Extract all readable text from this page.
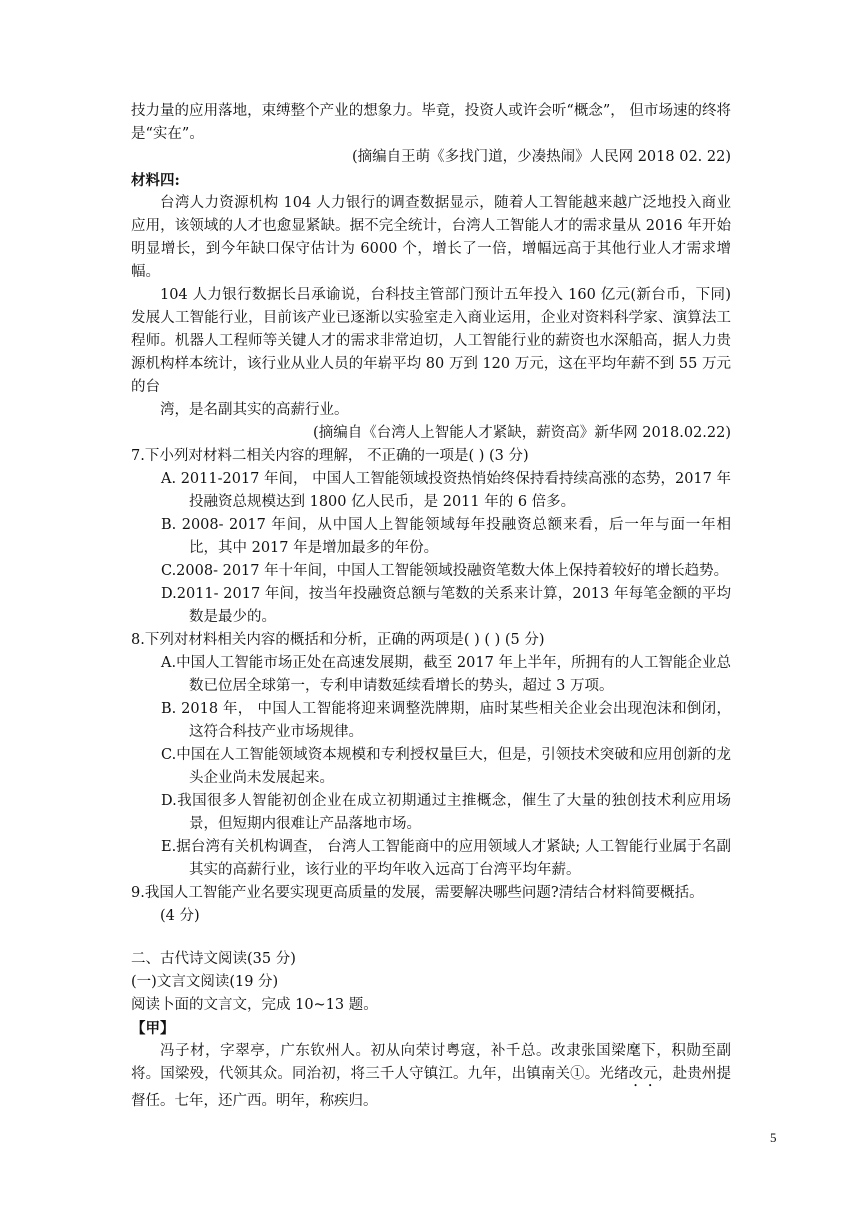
技力量的应用落地，束缚整个产业的想象力。毕竟，投资人或许会听“概念”， 但市场速的终将是“实在”。

(摘编自王萌《多找门道，少凑热闹》人民网 2018 02. 22)

材料四:

台湾人力资源机构 104 人力银行的调查数据显示，随着人工智能越来越广泛地投入商业应用，该领域的人才也愈显紧缺。据不完全统计，台湾人工智能人才的需求量从 2016 年开始明显增长，到今年缺口保守估计为 6000 个，增长了一倍，增幅远高于其他行业人才需求增幅。

104 人力银行数据长吕承谕说，台科技主管部门预计五年投入 160 亿元(新台币，下同)发展人工智能行业，目前该产业已逐渐以实验室走入商业运用，企业对资料科学家、演算法工程师。机器人工程师等关键人才的需求非常迫切，人工智能行业的薪资也水深船高，据人力贵源机构样本统计，该行业从业人员的年崭平均 80 万到 120 万元，这在平均年薪不到 55 万元的台

湾，是名副其实的高薪行业。

(摘编自《台湾人上智能人才紧缺，薪资高》新华网 2018.02.22)

7.下小列对材料二相关内容的理解， 不正确的一项是( ) (3 分)

A. 2011-2017 年间， 中国人工智能领域投资热悄始终保持看持续高涨的态势，2017 年投融资总规模达到 1800 亿人民币，是 2011 年的 6 倍多。

B. 2008- 2017 年间，从中国人上智能领域每年投融资总额来看，后一年与面一年相比，其中 2017 年是增加最多的年份。

C.2008- 2017 年十年间，中国人工智能领域投融资笔数大体上保持着较好的增长趋势。

D.2011- 2017 年间，按当年投融资总额与笔数的关系来计算，2013 年每笔金额的平均数是最少的。

8.下列对材料相关内容的概括和分析，正确的两项是( ) ( ) (5 分)

A.中国人工智能市场正处在高速发展期，截至 2017 年上半年，所拥有的人工智能企业总数已位居全球第一，专利申请数延续看增长的势头，超过 3 万项。

B. 2018 年， 中国人工智能将迎来调整洗牌期，庙时某些相关企业会出现泡沫和倒闭，这符合科技产业市场规律。

C.中国在人工智能领域资本规模和专利授权量巨大，但是，引领技术突破和应用创新的龙头企业尚未发展起来。

D.我国很多人智能初创企业在成立初期通过主推概念，催生了大量的独创技术利应用场景，但短期内很难让产品落地市场。

E.据台湾有关机构调查， 台湾人工智能商中的应用领域人才紧缺; 人工智能行业属于名副其实的高薪行业，该行业的平均年收入远高丁台湾平均年薪。

9.我国人工智能产业名要实现更高质量的发展，需要解决哪些问题?清结合材料简要概括。

(4 分)

二、古代诗文阅读(35 分)

(一)文言文阅读(19 分)

阅读卜面的文言文，完成 10~13 题。

【甲】

冯子材，字翠亭，广东钦州人。初从向荣讨粤寇，补千总。改隶张国梁麾下，积勋至副将。国梁殁，代领其众。同治初，将三千人守镇江。九年，出镇南关①。光绪改元，赴贵州提督任。七年，还广西。明年，称疾归。

5
